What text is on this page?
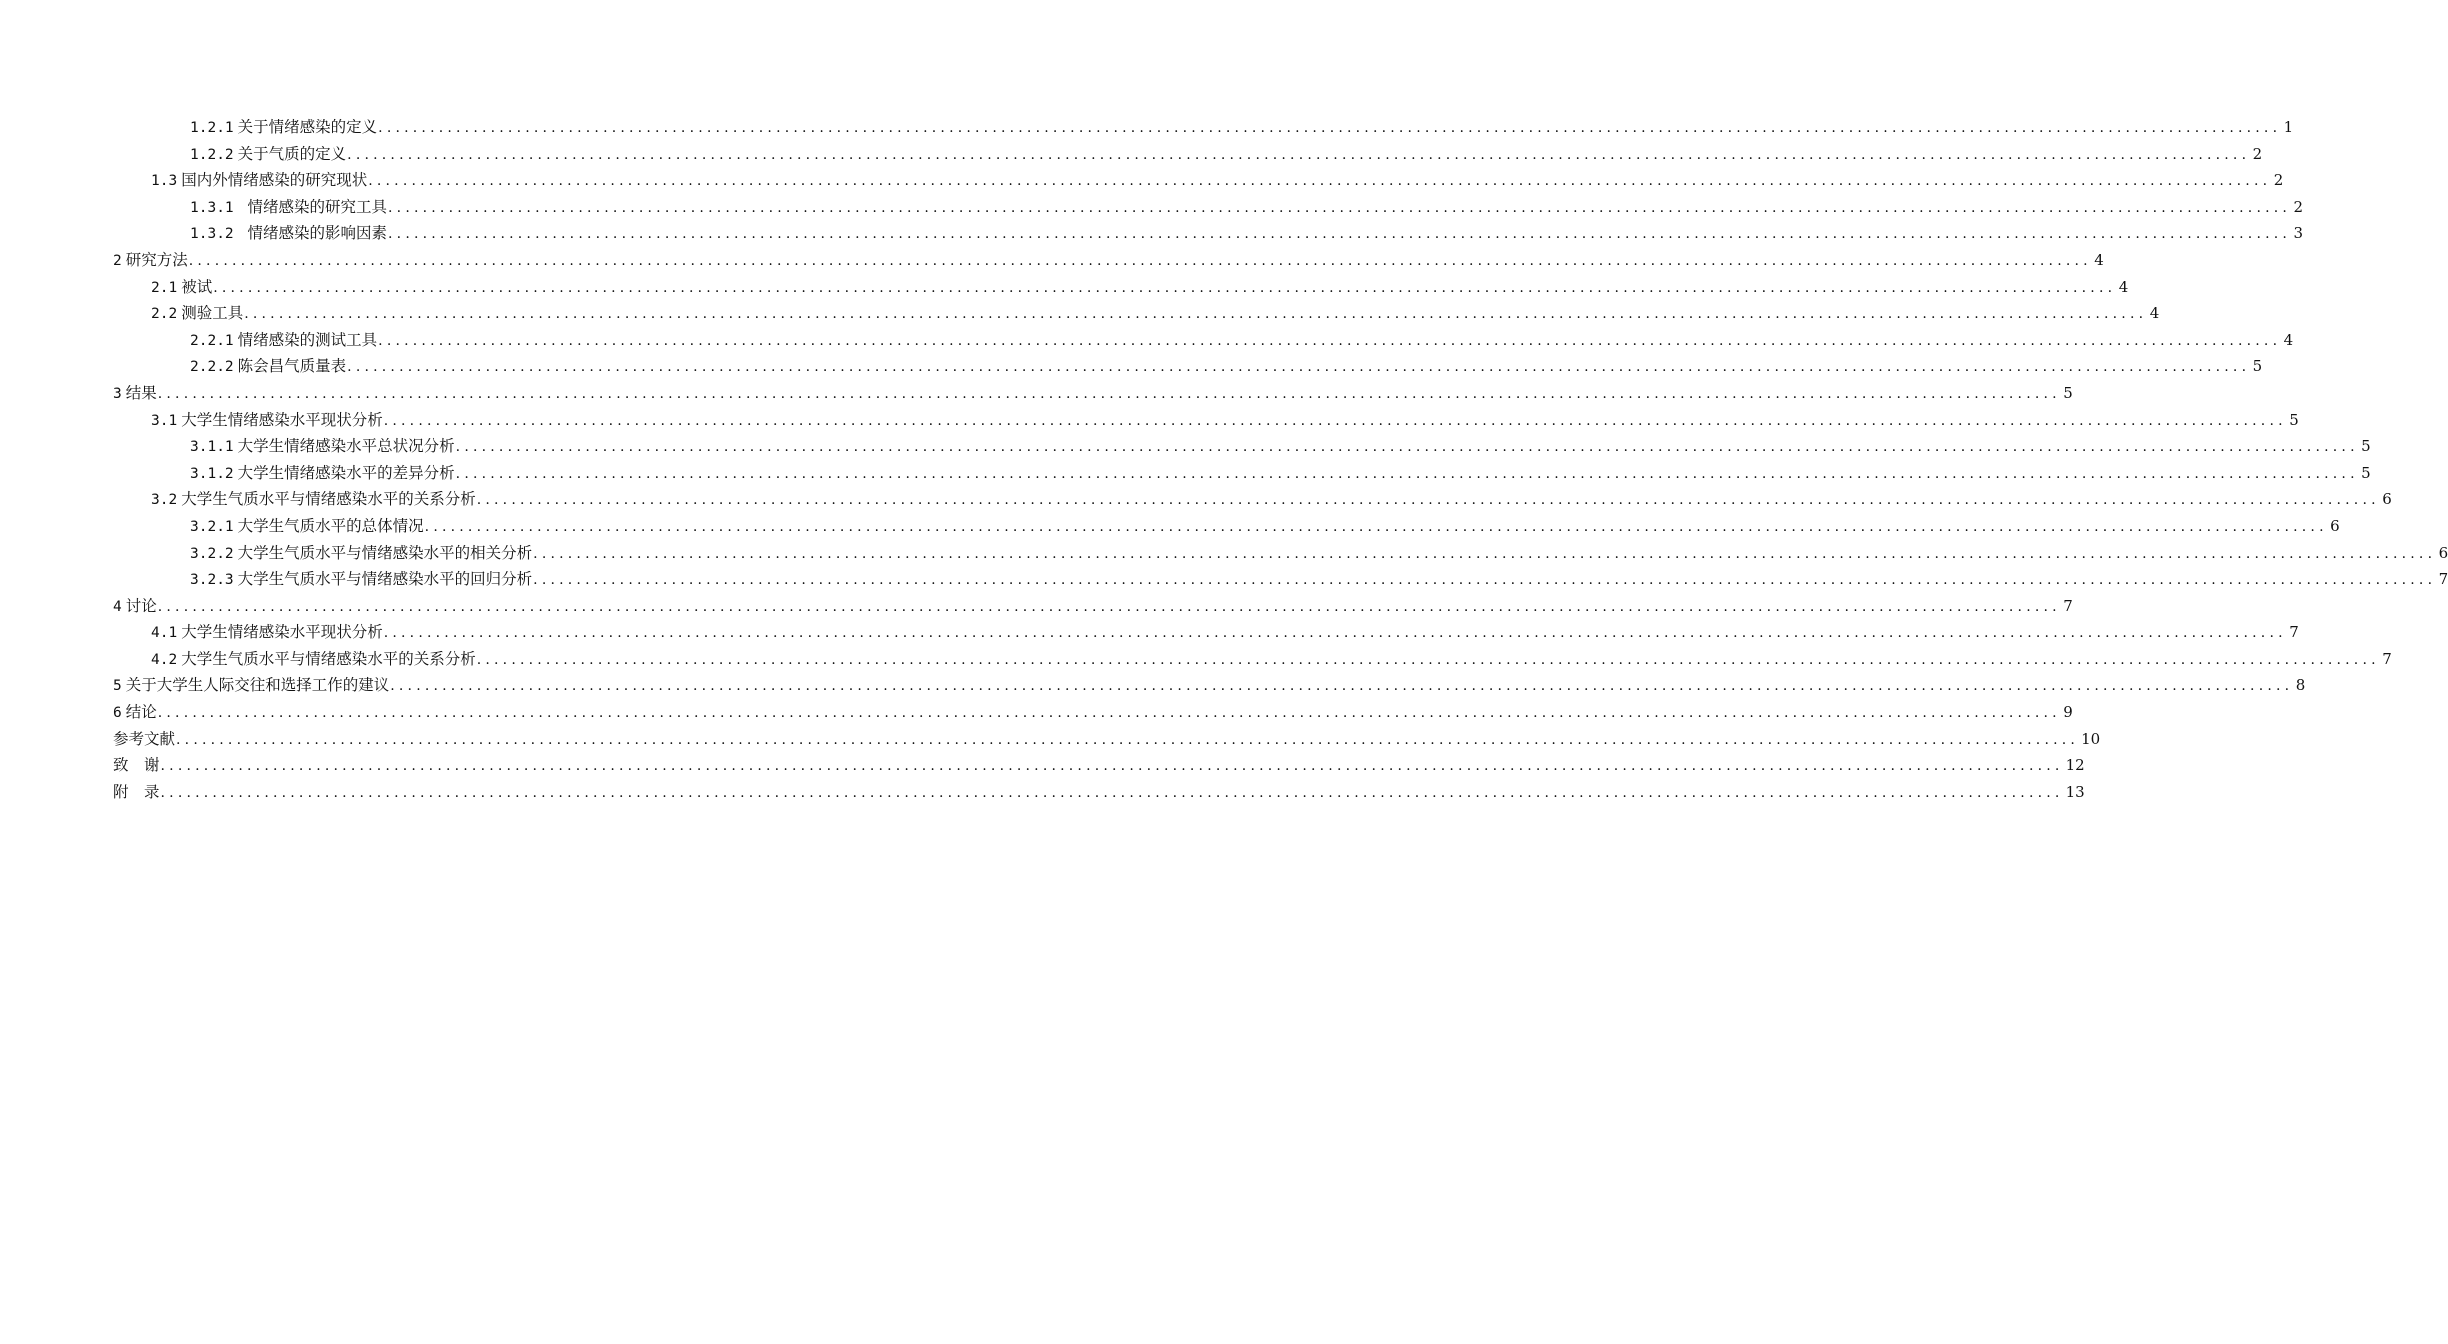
1.2.1 关于情绪感染的定义 ............................................................................................................................................................................................................................ 1
1.2.2 关于气质的定义 ............................................................................................................................................................................................................................ 2
1.3 国内外情绪感染的研究现状 ............................................................................................................................................................................................................................ 2
1.3.1 情绪感染的研究工具 ............................................................................................................................................................................................................................ 2
1.3.2 情绪感染的影响因素 ............................................................................................................................................................................................................................ 3
2 研究方法 ............................................................................................................................................................................................................................ 4
2.1 被试 ............................................................................................................................................................................................................................ 4
2.2 测验工具 ............................................................................................................................................................................................................................ 4
2.2.1 情绪感染的测试工具 ............................................................................................................................................................................................................................ 4
2.2.2 陈会昌气质量表 ............................................................................................................................................................................................................................ 5
3 结果 ............................................................................................................................................................................................................................ 5
3.1 大学生情绪感染水平现状分析 ............................................................................................................................................................................................................................ 5
3.1.1 大学生情绪感染水平总状况分析 ............................................................................................................................................................................................................................ 5
3.1.2 大学生情绪感染水平的差异分析 ............................................................................................................................................................................................................................ 5
3.2 大学生气质水平与情绪感染水平的关系分析 ............................................................................................................................................................................................................................ 6
3.2.1 大学生气质水平的总体情况 ............................................................................................................................................................................................................................ 6
3.2.2 大学生气质水平与情绪感染水平的相关分析 ............................................................................................................................................................................................................................ 6
3.2.3 大学生气质水平与情绪感染水平的回归分析 ............................................................................................................................................................................................................................ 7
4 讨论 ............................................................................................................................................................................................................................ 7
4.1 大学生情绪感染水平现状分析 ............................................................................................................................................................................................................................ 7
4.2 大学生气质水平与情绪感染水平的关系分析 ............................................................................................................................................................................................................................ 7
5 关于大学生人际交往和选择工作的建议 ............................................................................................................................................................................................................................ 8
6 结论 ............................................................................................................................................................................................................................ 9
参考文献 ............................................................................................................................................................................................................................ 10
致　谢 ............................................................................................................................................................................................................................ 12
附　录 ............................................................................................................................................................................................................................ 13
